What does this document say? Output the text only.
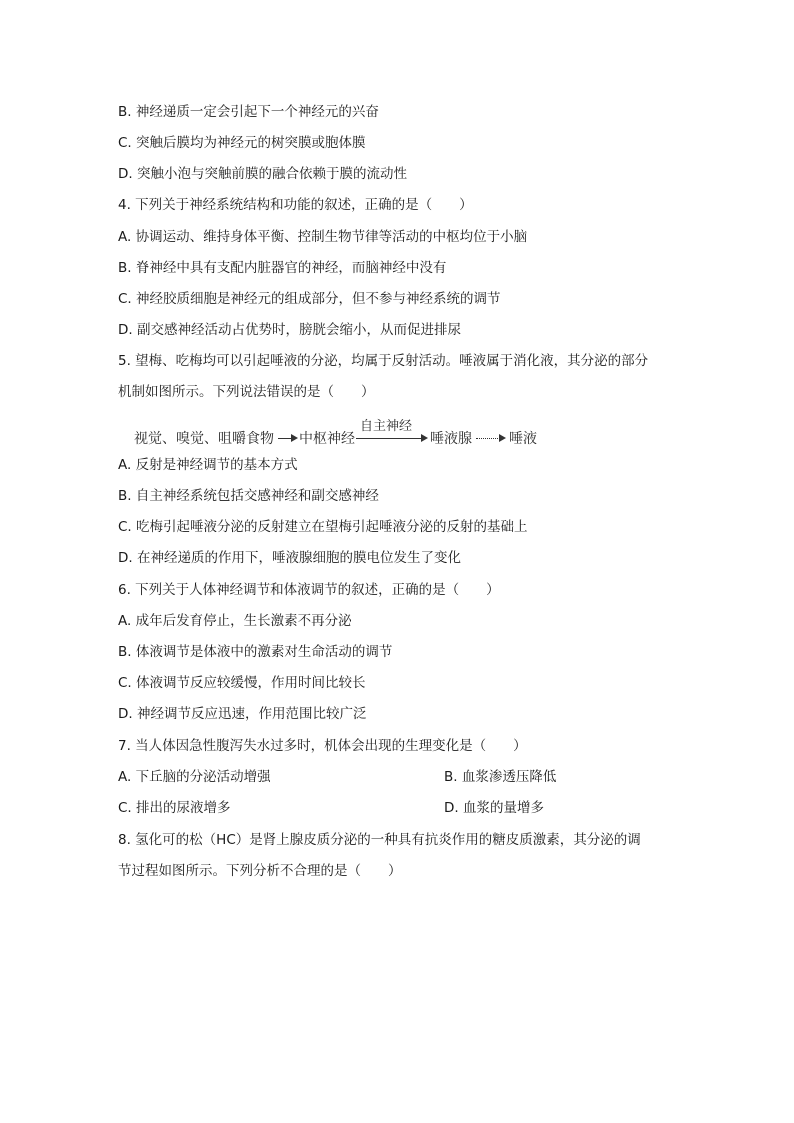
B. 神经递质一定会引起下一个神经元的兴奋
C. 突触后膜均为神经元的树突膜或胞体膜
D. 突触小泡与突触前膜的融合依赖于膜的流动性
4. 下列关于神经系统结构和功能的叙述，正确的是（　　）
A. 协调运动、维持身体平衡、控制生物节律等活动的中枢均位于小脑
B. 脊神经中具有支配内脏器官的神经，而脑神经中没有
C. 神经胶质细胞是神经元的组成部分，但不参与神经系统的调节
D. 副交感神经活动占优势时，膀胱会缩小，从而促进排尿
5. 望梅、吃梅均可以引起唾液的分泌，均属于反射活动。唾液属于消化液，其分泌的部分
机制如图所示。下列说法错误的是（　　）
视觉、嗅觉、咀嚼食物 中枢神经
自主神经
唾液腺	唾液
A. 反射是神经调节的基本方式
B. 自主神经系统包括交感神经和副交感神经
C. 吃梅引起唾液分泌的反射建立在望梅引起唾液分泌的反射的基础上
D. 在神经递质的作用下，唾液腺细胞的膜电位发生了变化
6. 下列关于人体神经调节和体液调节的叙述，正确的是（　　）
A. 成年后发育停止，生长激素不再分泌
B. 体液调节是体液中的激素对生命活动的调节
C. 体液调节反应较缓慢，作用时间比较长
D. 神经调节反应迅速，作用范围比较广泛
7. 当人体因急性腹泻失水过多时，机体会出现的生理变化是（　　）
A. 下丘脑的分泌活动增强	B. 血浆渗透压降低
C. 排出的尿液增多	D. 血浆的量增多
8. 氢化可的松（HC）是肾上腺皮质分泌的一种具有抗炎作用的糖皮质激素，其分泌的调
节过程如图所示。下列分析不合理的是（　　）
